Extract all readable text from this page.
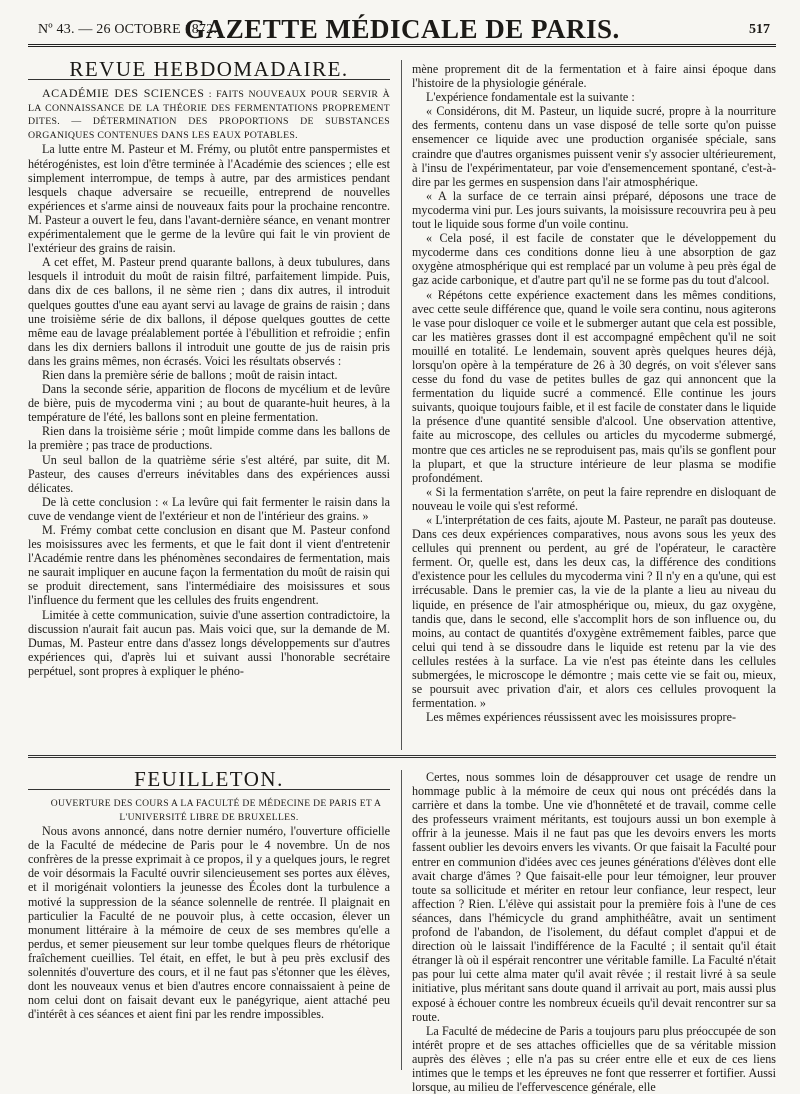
Nº 43. — 26 OCTOBRE 1872.
GAZETTE MÉDICALE DE PARIS.	517
REVUE HEBDOMADAIRE.

ACADÉMIE DES SCIENCES : FAITS NOUVEAUX POUR SERVIR À LA CONNAISSANCE DE LA THÉORIE DES FERMENTATIONS PROPREMENT DITES. — DÉTERMINATION DES PROPORTIONS DE SUBSTANCES ORGANIQUES CONTENUES DANS LES EAUX POTABLES.

La lutte entre M. Pasteur et M. Frémy, ou plutôt entre panspermistes et hétérogénistes, est loin d'être terminée à l'Académie des sciences ; elle est simplement interrompue, de temps à autre, par des armistices pendant lesquels chaque adversaire se recueille, entreprend de nouvelles expériences et s'arme ainsi de nouveaux faits pour la prochaine rencontre. M. Pasteur a ouvert le feu, dans l'avant-dernière séance, en venant montrer expérimentalement que le germe de la levûre qui fait le vin provient de l'extérieur des grains de raisin.

A cet effet, M. Pasteur prend quarante ballons, à deux tubulures, dans lesquels il introduit du moût de raisin filtré, parfaitement limpide. Puis, dans dix de ces ballons, il ne sème rien ; dans dix autres, il introduit quelques gouttes d'une eau ayant servi au lavage de grains de raisin ; dans une troisième série de dix ballons, il dépose quelques gouttes de cette même eau de lavage préalablement portée à l'ébullition et refroidie ; enfin dans les dix derniers ballons il introduit une goutte de jus de raisin pris dans les grains mêmes, non écrasés. Voici les résultats observés :

Rien dans la première série de ballons ; moût de raisin intact.

Dans la seconde série, apparition de flocons de mycélium et de levûre de bière, puis de mycoderma vini ; au bout de quarante-huit heures, à la température de l'été, les ballons sont en pleine fermentation.

Rien dans la troisième série ; moût limpide comme dans les ballons de la première ; pas trace de productions.

Un seul ballon de la quatrième série s'est altéré, par suite, dit M. Pasteur, des causes d'erreurs inévitables dans des expériences aussi délicates.

De là cette conclusion : « La levûre qui fait fermenter le raisin dans la cuve de vendange vient de l'extérieur et non de l'intérieur des grains. »

M. Frémy combat cette conclusion en disant que M. Pasteur confond les moisissures avec les ferments, et que le fait dont il vient d'entretenir l'Académie rentre dans les phénomènes secondaires de fermentation, mais ne saurait impliquer en aucune façon la fermentation du moût de raisin qui se produit directement, sans l'intermédiaire des moisissures et sous l'influence du ferment que les cellules des fruits engendrent.

Limitée à cette communication, suivie d'une assertion contradictoire, la discussion n'aurait fait aucun pas. Mais voici que, sur la demande de M. Dumas, M. Pasteur entre dans d'assez longs développements sur d'autres expériences qui, d'après lui et suivant aussi l'honorable secrétaire perpétuel, sont propres à expliquer le phéno-

mène proprement dit de la fermentation et à faire ainsi époque dans l'histoire de la physiologie générale.

L'expérience fondamentale est la suivante :

« Considérons, dit M. Pasteur, un liquide sucré, propre à la nourriture des ferments, contenu dans un vase disposé de telle sorte qu'on puisse ensemencer ce liquide avec une production organisée spéciale, sans craindre que d'autres organismes puissent venir s'y associer ultérieurement, à l'insu de l'expérimentateur, par voie d'ensemencement spontané, c'est-à-dire par les germes en suspension dans l'air atmosphérique.

« A la surface de ce terrain ainsi préparé, déposons une trace de mycoderma vini pur. Les jours suivants, la moisissure recouvrira peu à peu tout le liquide sous forme d'un voile continu.

« Cela posé, il est facile de constater que le développement du mycoderme dans ces conditions donne lieu à une absorption de gaz oxygène atmosphérique qui est remplacé par un volume à peu près égal de gaz acide carbonique, et d'autre part qu'il ne se forme pas du tout d'alcool.

« Répétons cette expérience exactement dans les mêmes conditions, avec cette seule différence que, quand le voile sera continu, nous agiterons le vase pour disloquer ce voile et le submerger autant que cela est possible, car les matières grasses dont il est accompagné empêchent qu'il ne soit mouillé en totalité. Le lendemain, souvent après quelques heures déjà, lorsqu'on opère à la température de 26 à 30 degrés, on voit s'élever sans cesse du fond du vase de petites bulles de gaz qui annoncent que la fermentation du liquide sucré a commencé. Elle continue les jours suivants, quoique toujours faible, et il est facile de constater dans le liquide la présence d'une quantité sensible d'alcool. Une observation attentive, faite au microscope, des cellules ou articles du mycoderme submergé, montre que ces articles ne se reproduisent pas, mais qu'ils se gonflent pour la plupart, et que la structure intérieure de leur plasma se modifie profondément.

« Si la fermentation s'arrête, on peut la faire reprendre en disloquant de nouveau le voile qui s'est reformé.

« L'interprétation de ces faits, ajoute M. Pasteur, ne paraît pas douteuse. Dans ces deux expériences comparatives, nous avons sous les yeux des cellules qui prennent ou perdent, au gré de l'opérateur, le caractère ferment. Or, quelle est, dans les deux cas, la différence des conditions d'existence pour les cellules du mycoderma vini ? Il n'y en a qu'une, qui est irrécusable. Dans le premier cas, la vie de la plante a lieu au niveau du liquide, en présence de l'air atmosphérique ou, mieux, du gaz oxygène, tandis que, dans le second, elle s'accomplit hors de son influence ou, du moins, au contact de quantités d'oxygène extrêmement faibles, parce que celui qui tend à se dissoudre dans le liquide est retenu par la vie des cellules restées à la surface. La vie n'est pas éteinte dans les cellules submergées, le microscope le démontre ; mais cette vie se fait ou, mieux, se poursuit avec privation d'air, et alors ces cellules provoquent la fermentation. »

Les mêmes expériences réussissent avec les moisissures propre-

FEUILLETON.

OUVERTURE DES COURS A LA FACULTÉ DE MÉDECINE DE PARIS ET A L'UNIVERSITÉ LIBRE DE BRUXELLES.

Nous avons annoncé, dans notre dernier numéro, l'ouverture officielle de la Faculté de médecine de Paris pour le 4 novembre. Un de nos confrères de la presse exprimait à ce propos, il y a quelques jours, le regret de voir désormais la Faculté ouvrir silencieusement ses portes aux élèves, et il morigénait volontiers la jeunesse des Écoles dont la turbulence a motivé la suppression de la séance solennelle de rentrée. Il plaignait en particulier la Faculté de ne pouvoir plus, à cette occasion, élever un monument littéraire à la mémoire de ceux de ses membres qu'elle a perdus, et semer pieusement sur leur tombe quelques fleurs de rhétorique fraîchement cueillies. Tel était, en effet, le but à peu près exclusif des solennités d'ouverture des cours, et il ne faut pas s'étonner que les élèves, dont les nouveaux venus et bien d'autres encore connaissaient à peine de nom celui dont on faisait devant eux le panégyrique, aient attaché peu d'intérêt à ces séances et aient fini par les rendre impossibles.

Certes, nous sommes loin de désapprouver cet usage de rendre un hommage public à la mémoire de ceux qui nous ont précédés dans la carrière et dans la tombe. Une vie d'honnêteté et de travail, comme celle des professeurs vraiment méritants, est toujours aussi un bon exemple à offrir à la jeunesse. Mais il ne faut pas que les devoirs envers les morts fassent oublier les devoirs envers les vivants. Or que faisait la Faculté pour entrer en communion d'idées avec ces jeunes générations d'élèves dont elle avait charge d'âmes ? Que faisait-elle pour leur témoigner, leur prouver toute sa sollicitude et mériter en retour leur confiance, leur respect, leur affection ? Rien. L'élève qui assistait pour la première fois à l'une de ces séances, dans l'hémicycle du grand amphithéâtre, avait un sentiment profond de l'abandon, de l'isolement, du défaut complet d'appui et de direction où le laissait l'indifférence de la Faculté ; il sentait qu'il était étranger là où il espérait rencontrer une véritable famille. La Faculté n'était pas pour lui cette alma mater qu'il avait rêvée ; il restait livré à sa seule initiative, plus méritant sans doute quand il arrivait au port, mais aussi plus exposé à échouer contre les nombreux écueils qu'il devait rencontrer sur sa route.

La Faculté de médecine de Paris a toujours paru plus préoccupée de son intérêt propre et de ses attaches officielles que de sa véritable mission auprès des élèves ; elle n'a pas su créer entre elle et eux de ces liens intimes que le temps et les épreuves ne font que resserrer et fortifier. Aussi lorsque, au milieu de l'effervescence générale, elle
